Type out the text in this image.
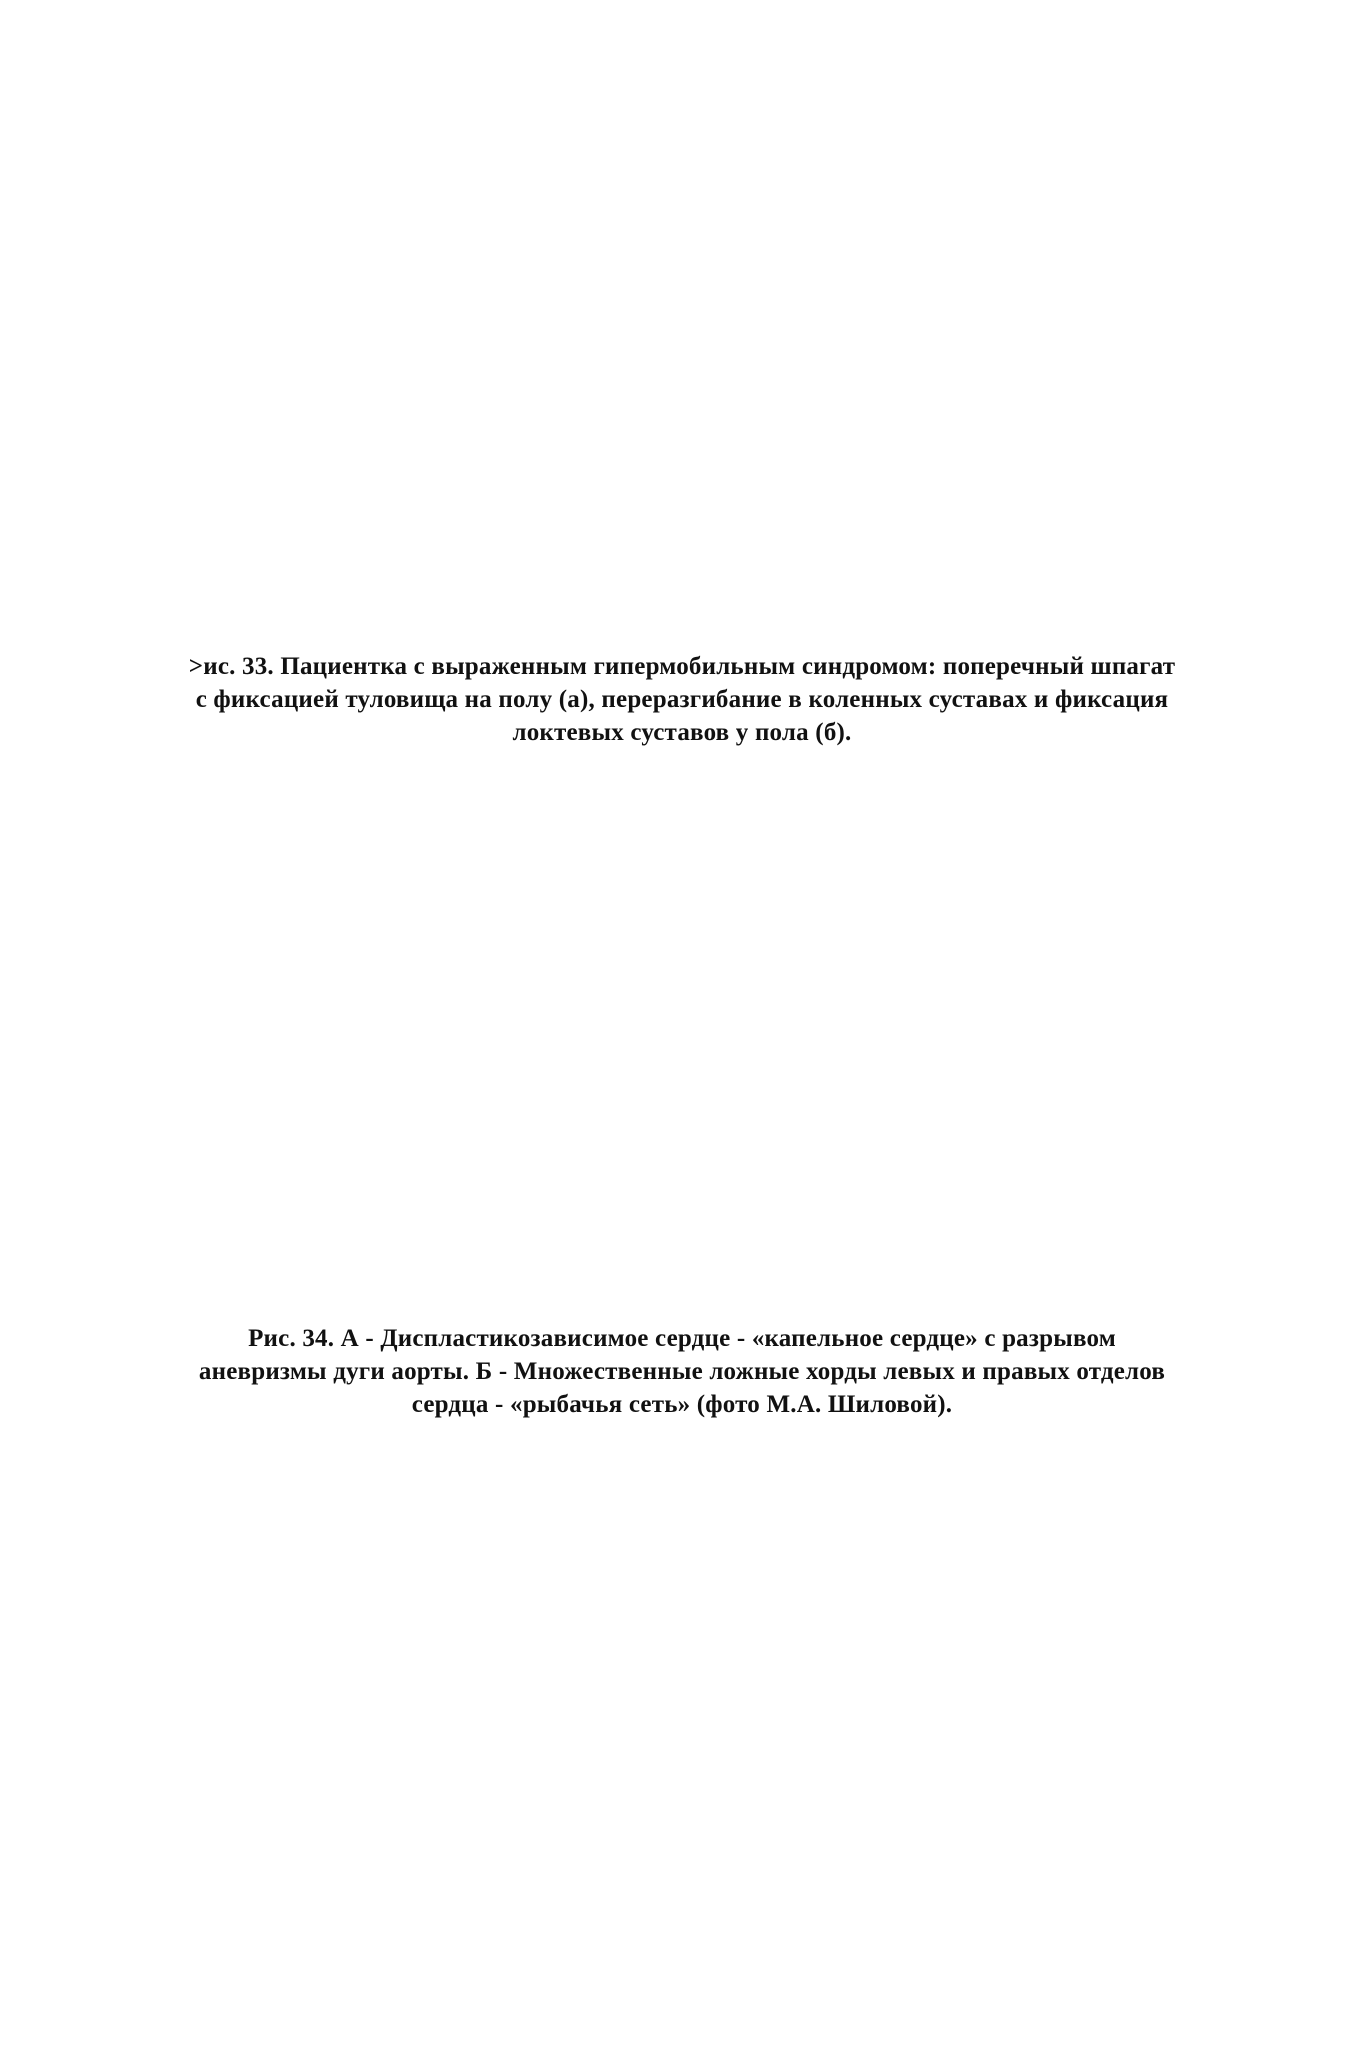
>ис. 33. Пациентка с выраженным гипермобильным синдромом: поперечный шпагат
с фиксацией туловища на полу (а), переразгибание в коленных суставах и фиксация
локтевых суставов у пола (б).
Рис. 34. А - Диспластикозависимое сердце - «капельное сердце» с разрывом
аневризмы дуги аорты. Б - Множественные ложные хорды левых и правых отделов
сердца - «рыбачья сеть» (фото М.А. Шиловой).
